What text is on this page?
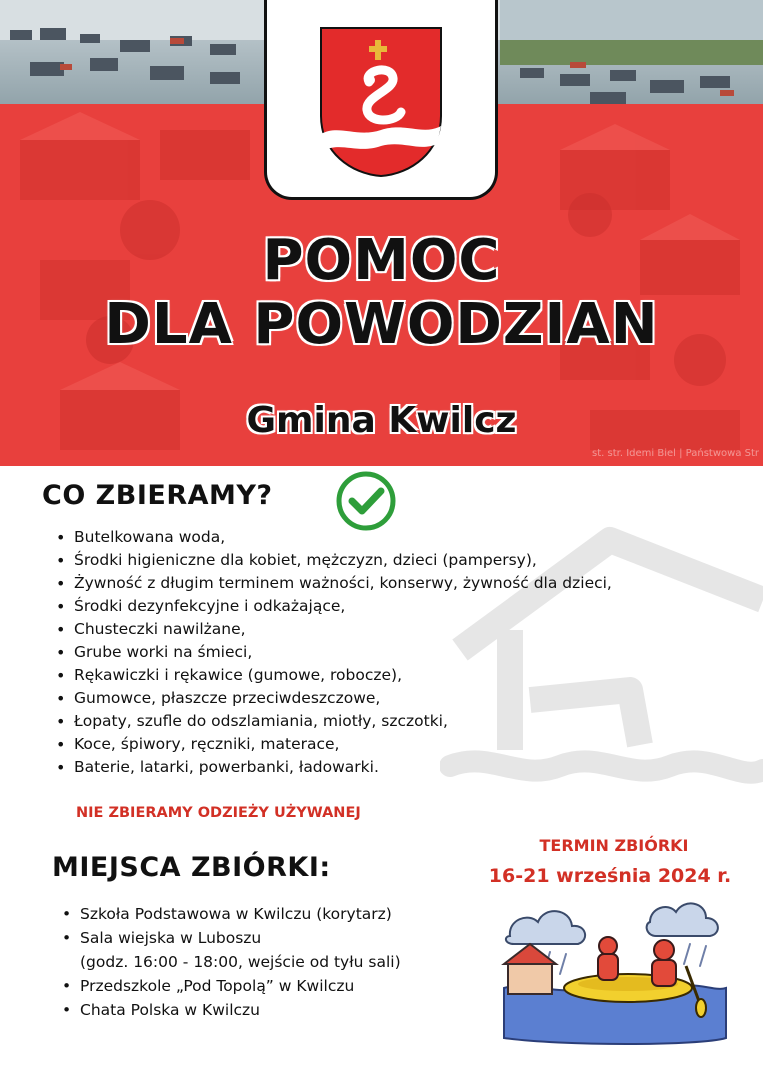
POMOC
DLA POWODZIAN
Gmina Kwilcz
st. str. Idemi Biel | Państwowa Str
CO ZBIERAMY?
• Butelkowana woda,
• Środki higieniczne dla kobiet, mężczyzn, dzieci (pampersy),
• Żywność z długim terminem ważności, konserwy, żywność dla dzieci,
• Środki dezynfekcyjne i odkażające,
• Chusteczki nawilżane,
• Grube worki na śmieci,
• Rękawiczki i rękawice (gumowe, robocze),
• Gumowce, płaszcze przeciwdeszczowe,
• Łopaty, szufle do odszlamiania, miotły, szczotki,
• Koce, śpiwory, ręczniki, materace,
• Baterie, latarki, powerbanki, ładowarki.
NIE ZBIERAMY ODZIEŻY UŻYWANEJ
MIEJSCA ZBIÓRKI:
• Szkoła Podstawowa w Kwilczu (korytarz)
• Sala wiejska w Luboszu
(godz. 16:00 - 18:00, wejście od tyłu sali)
• Przedszkole „Pod Topolą” w Kwilczu
• Chata Polska w Kwilczu
TERMIN ZBIÓRKI
16-21 września 2024 r.
